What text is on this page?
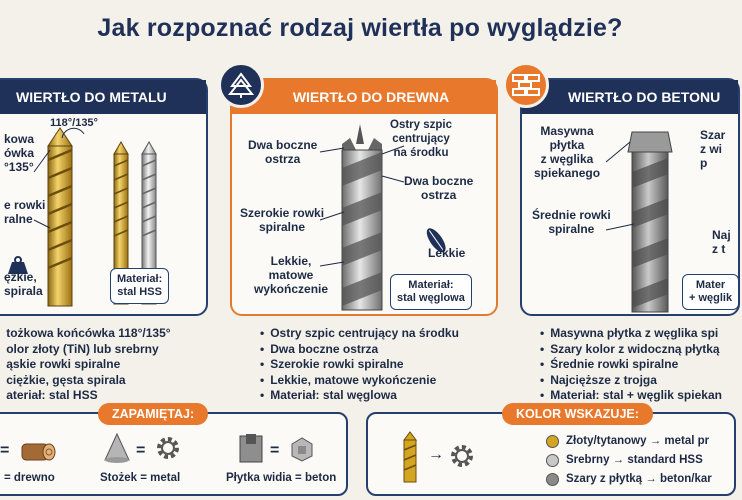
Jak rozpoznać rodzaj wiertła po wyglądzie?
WIERTŁO DO METALU
118°/135°
kowa
ówka
°135°
e rowki
ralne
ężkie,
spirala
Materiał:
stal HSS
WIERTŁO DO DREWNA
Ostry szpic
centrujący
na środku
Dwa boczne
ostrza
Dwa boczne
ostrza
Szerokie rowki
spiralne
Lekkie
Lekkie,
matowe
wykończenie	Materiał:
stal węglowa
WIERTŁO DO BETONU
Masywna
płytka
z węglika
spiekanego
Średnie rowki
spiralne
Szar
z wi
p
Naj
z t
Mater
+ węglik
• tożkowa końcówka 118°/135°
• olor złoty (TiN) lub srebrny
• ąskie rowki spiralne
• ciężkie, gęsta spirala
• ateriał: stal HSS
• Ostry szpic centrujący na środku
• Dwa boczne ostrza
• Szerokie rowki spiralne
• Lekkie, matowe wykończenie
• Materiał: stal węglowa
• Masywna płytka z węglika spi
• Szary kolor z widoczną płytką
• Średnie rowki spiralne
• Najcięższe z trojga
• Materiał: stal + węglik spiekan
ZAPAMIĘTAJ:
=
= drewno
=
Stożek = metal
=
Płytka widia = beton
KOLOR WSKAZUJE:
→
Złoty/tytanowy → metal pr
Srebrny → standard HSS
Szary z płytką → beton/kar
